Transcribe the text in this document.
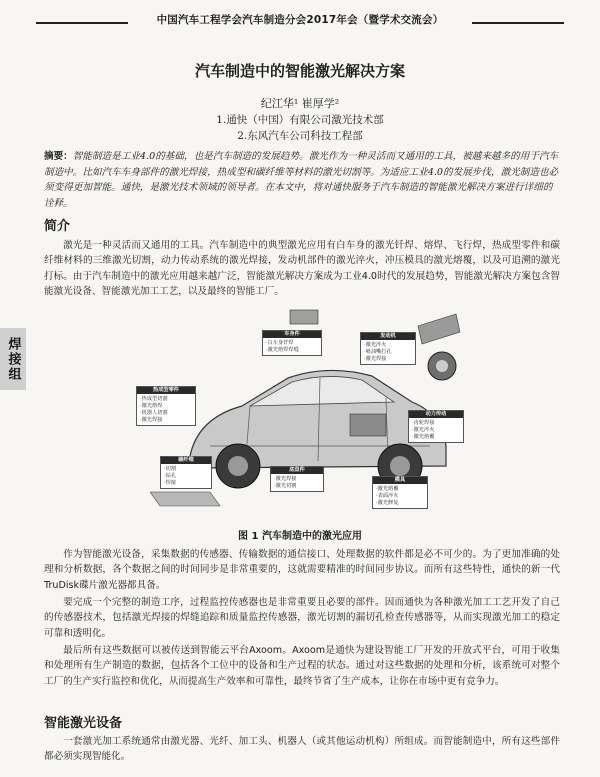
中国汽车工程学会汽车制造分会2017年会（暨学术交流会）
焊接组
汽车制造中的智能激光解决方案
纪江华¹ 崔厚学²
1.通快（中国）有限公司激光技术部
2.东风汽车公司科技工程部
摘要：智能制造是工业4.0的基础，也是汽车制造的发展趋势。激光作为一种灵活而又通用的工具，被越来越多的用于汽车制造中。比如汽车车身部件的激光焊接，热成型和碳纤维等材料的激光切割等。为适应工业4.0的发展步伐，激光制造也必须变得更加智能。通快，是激光技术领域的领导者。在本文中，将对通快服务于汽车制造的智能激光解决方案进行详细的诠释。
简介
激光是一种灵活而又通用的工具。汽车制造中的典型激光应用有白车身的激光钎焊、熔焊、飞行焊，热成型零件和碳纤维材料的三维激光切割，动力传动系统的激光焊接，发动机部件的激光淬火，冲压模具的激光熔覆，以及可追溯的激光打标。由于汽车制造中的激光应用越来越广泛，智能激光解决方案成为工业4.0时代的发展趋势，智能激光解决方案包含智能激光设备、智能激光加工工艺，以及最终的智能工厂。
车身件
·白车身钎焊
·激光熔焊焊缝
热成型零件
·热成型切割
·激光熔焊
·机器人切割
·激光焊接
碳纤维
·切割
·钻孔
·焊接
底盘件
·激光焊接
·激光切割
动力传动
·齿轮焊接
·激光淬火
·激光熔覆
发动机
·激光淬火
·喷油嘴打孔
·激光焊接
模具
·激光熔覆
·表面淬火
·激光修复
图 1 汽车制造中的激光应用
作为智能激光设备，采集数据的传感器、传输数据的通信接口、处理数据的软件都是必不可少的。为了更加准确的处理和分析数据，各个数据之间的时间同步是非常重要的，这就需要精准的时间同步协议。而所有这些特性，通快的新一代TruDisk碟片激光器都具备。
要完成一个完整的制造工序，过程监控传感器也是非常重要且必要的部件。因而通快为各种激光加工工艺开发了自己的传感器技术，包括激光焊接的焊缝追踪和质量监控传感器，激光切割的漏切孔检查传感器等，从而实现激光加工的稳定可靠和透明化。
最后所有这些数据可以被传送到智能云平台Axoom。Axoom是通快为建设智能工厂开发的开放式平台，可用于收集和处理所有生产制造的数据，包括各个工位中的设备和生产过程的状态。通过对这些数据的处理和分析，该系统可对整个工厂的生产实行监控和优化，从而提高生产效率和可靠性，最终节省了生产成本，让你在市场中更有竞争力。
智能激光设备
一套激光加工系统通常由激光器、光纤、加工头、机器人（或其他运动机构）所组成。而智能制造中，所有这些部件都必须实现智能化。
